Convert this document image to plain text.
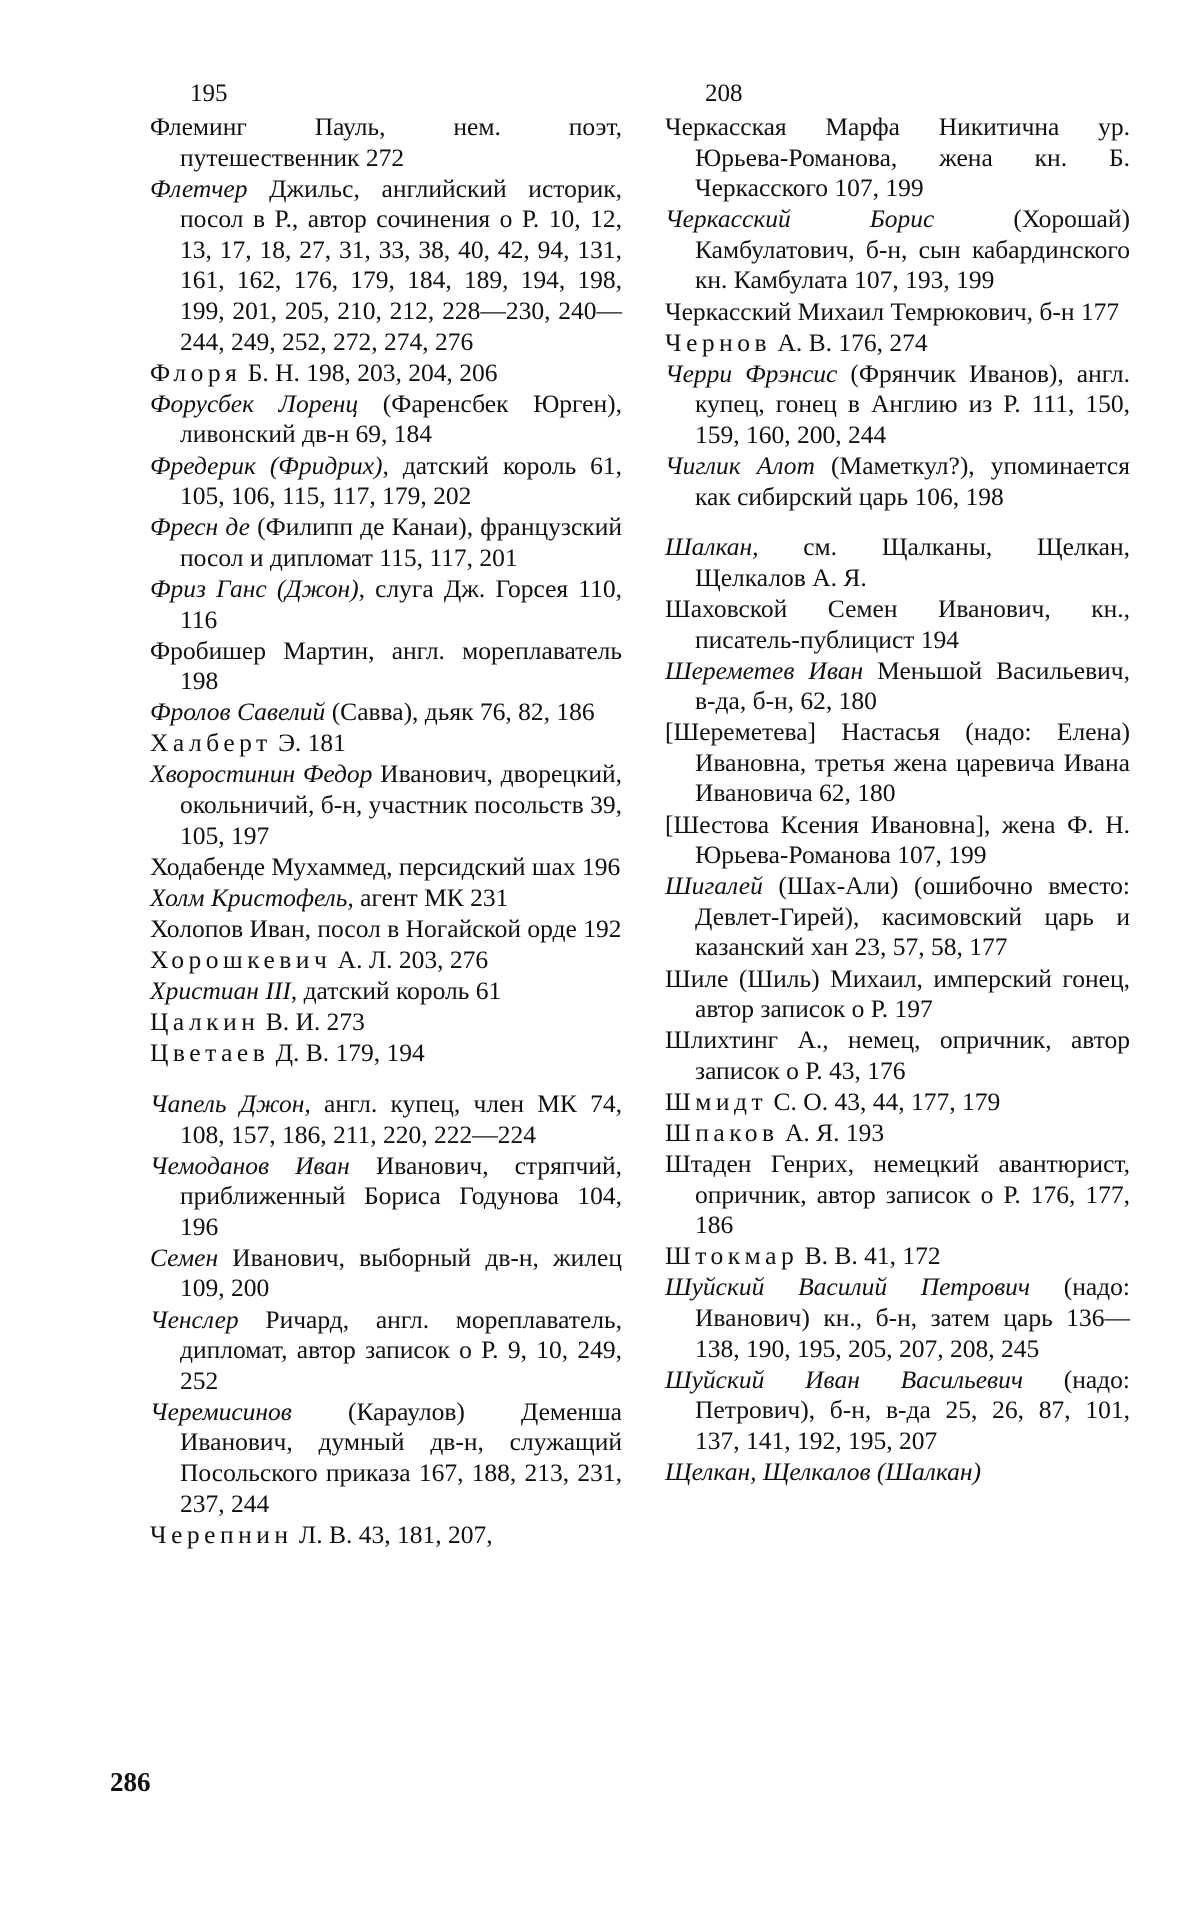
195
Флеминг Пауль, нем. поэт, путешественник 272
Флетчер Джильс, английский историк, посол в Р., автор сочинения о Р. 10, 12, 13, 17, 18, 27, 31, 33, 38, 40, 42, 94, 131, 161, 162, 176, 179, 184, 189, 194, 198, 199, 201, 205, 210, 212, 228—230, 240—244, 249, 252, 272, 274, 276
Флоря Б. Н. 198, 203, 204, 206
Форусбек Лоренц (Фаренсбек Юрген), ливонский дв-н 69, 184
Фредерик (Фридрих), датский король 61, 105, 106, 115, 117, 179, 202
Фресн де (Филипп де Канаи), французский посол и дипломат 115, 117, 201
Фриз Ганс (Джон), слуга Дж. Горсея 110, 116
Фробишер Мартин, англ. мореплаватель 198
Фролов Савелий (Савва), дьяк 76, 82, 186
Халберт Э. 181
Хворостинин Федор Иванович, дворецкий, окольничий, б-н, участник посольств 39, 105, 197
Ходабенде Мухаммед, персидский шах 196
Холм Кристофель, агент МК 231
Холопов Иван, посол в Ногайской орде 192
Хорошкевич А. Л. 203, 276
Христиан III, датский король 61
Цалкин В. И. 273
Цветаев Д. В. 179, 194
Чапель Джон, англ. купец, член МК 74, 108, 157, 186, 211, 220, 222—224
Чемоданов Иван Иванович, стряпчий, приближенный Бориса Годунова 104, 196
Семен Иванович, выборный дв-н, жилец 109, 200
Ченслер Ричард, англ. мореплаватель, дипломат, автор записок о Р. 9, 10, 249, 252
Черемисинов (Караулов) Деменша Иванович, думный дв-н, служащий Посольского приказа 167, 188, 213, 231, 237, 244
Черепнин Л. В. 43, 181, 207,
208
Черкасская Марфа Никитична ур. Юрьева-Романова, жена кн. Б. Черкасского 107, 199
Черкасский Борис (Хорошай) Камбулатович, б-н, сын кабардинского кн. Камбулата 107, 193, 199
Черкасский Михаил Темрюкович, б-н 177
Чернов А. В. 176, 274
Черри Фрэнсис (Фрянчик Иванов), англ. купец, гонец в Англию из Р. 111, 150, 159, 160, 200, 244
Чиглик Алот (Маметкул?), упоминается как сибирский царь 106, 198
Шалкан, см. Щалканы, Щелкан, Щелкалов А. Я.
Шаховской Семен Иванович, кн., писатель-публицист 194
Шереметев Иван Меньшой Васильевич, в-да, б-н, 62, 180
[Шереметева] Настасья (надо: Елена) Ивановна, третья жена царевича Ивана Ивановича 62, 180
[Шестова Ксения Ивановна], жена Ф. Н. Юрьева-Романова 107, 199
Шигалей (Шах-Али) (ошибочно вместо: Девлет-Гирей), касимовский царь и казанский хан 23, 57, 58, 177
Шиле (Шиль) Михаил, имперский гонец, автор записок о Р. 197
Шлихтинг А., немец, опричник, автор записок о Р. 43, 176
Шмидт С. О. 43, 44, 177, 179
Шпаков А. Я. 193
Штаден Генрих, немецкий авантюрист, опричник, автор записок о Р. 176, 177, 186
Штокмар В. В. 41, 172
Шуйский Василий Петрович (надо: Иванович) кн., б-н, затем царь 136—138, 190, 195, 205, 207, 208, 245
Шуйский Иван Васильевич (надо: Петрович), б-н, в-да 25, 26, 87, 101, 137, 141, 192, 195, 207
Щелкан, Щелкалов (Шалкан)
286
